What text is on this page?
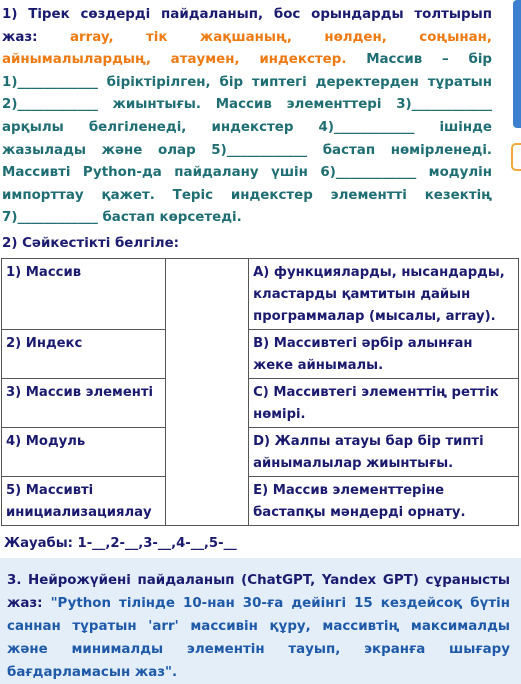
1) Тірек сөздерді пайдаланып, бос орындарды толтырып жаз: array, тік жақшаның, нөлден, соңынан, айнымалылардың, атаумен, индекстер. Массив – бір 1)____________ біріктірілген, бір типтегі деректерден тұратын 2)____________ жиынтығы. Массив элементтері 3)____________ арқылы белгіленеді, индекстер 4)____________ ішінде жазылады және олар 5)____________ бастап нөмірленеді. Массивті Python-да пайдалану үшін 6)____________ модулін импорттау қажет. Теріс индекстер элементті кезектің 7)____________ бастап көрсетеді.
2) Сәйкестікті белгіле:
1) Массив		A) функцияларды, нысандарды, кластарды қамтитын дайын программалар (мысалы, array).
2) Индекс		B) Массивтегі әрбір алынған жеке айнымалы.
3) Массив элементі		C) Массивтегі элементтің реттік нөмірі.
4) Модуль		D) Жалпы атауы бар бір типті айнымалылар жиынтығы.
5) Массивті инициализациялау		E) Массив элементтеріне бастапқы мәндерді орнату.
Жауабы: 1-__,2-__,3-__,4-__,5-__
3. Нейрожүйені пайдаланып (ChatGPT, Yandex GPT) сұранысты жаз: "Python тілінде 10-нан 30-ға дейінгі 15 кездейсоқ бүтін саннан тұратын 'arr' массивін құру, массивтің максималды және минималды элементін тауып, экранға шығару бағдарламасын жаз".
